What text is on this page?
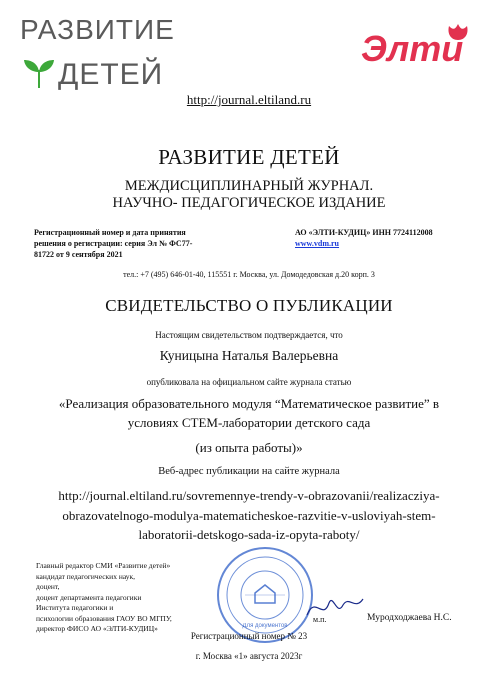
РАЗВИТИЕ
ДЕТЕЙ
Элти
http://journal.eltiland.ru
РАЗВИТИЕ ДЕТЕЙ
МЕЖДИСЦИПЛИНАРНЫЙ ЖУРНАЛ.
НАУЧНО- ПЕДАГОГИЧЕСКОЕ ИЗДАНИЕ
Регистрационный номер и дата принятия
решения о регистрации: серия Эл № ФС77-
81722 от 9 сентября 2021
АО «ЭЛТИ-КУДИЦ» ИНН 7724112008
www.vdm.ru
тел.: +7 (495) 646-01-40, 115551 г. Москва, ул. Домодедовская д.20 корп. 3
СВИДЕТЕЛЬСТВО О ПУБЛИКАЦИИ
Настоящим свидетельством подтверждается, что
Куницына Наталья Валерьевна
опубликовала на официальном сайте журнала статью
«Реализация образовательного модуля “Математическое развитие” в
условиях СТЕМ-лаборатории детского сада
(из опыта работы)»
Веб-адрес публикации на сайте журнала
http://journal.eltiland.ru/sovremennye-trendy-v-obrazovanii/realizacziya-
obrazovatelnogo-modulya-matematicheskoe-razvitie-v-usloviyah-stem-
laboratorii-detskogo-sada-iz-opyta-raboty/
Главный редактор СМИ «Развитие детей»
кандидат педагогических наук,
доцент,
доцент департамента педагогики
Института педагогики и
психологии образования ГАОУ ВО МГПУ,
директор ФИСО АО «ЭЛТИ-КУДИЦ»	Для документов
м.п.	Муродходжаева Н.С.
Регистрационный номер № 23
г. Москва «1» августа 2023г
